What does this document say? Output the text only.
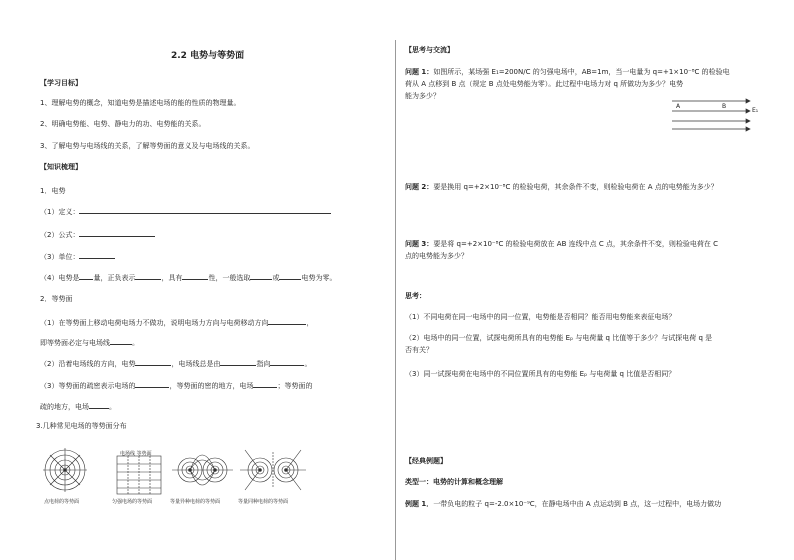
2.2 电势与等势面
【学习目标】
1、理解电势的概念，知道电势是描述电场的能的性质的物理量。
2、明确电势能、电势、静电力的功、电势能的关系。
3、了解电势与电场线的关系，了解等势面的意义及与电场线的关系。
【知识梳理】
1．电势
（1）定义：
（2）公式：
（3）单位：
（4）电势是 量，正负表示	，具有	性，一般选取	或	电势为零。
2．等势面
（1）在等势面上移动电荷电场力不做功，说明电场力方向与电荷移动方向	，
即等势面必定与电场线	。
（2）沿着电场线的方向，电势	，电场线总是由	指向	。
（3）等势面的疏密表示电场的	，等势面的密的地方，电场	；等势面的
疏的地方，电场	。
3.几种常见电场的等势面分布
电场线 等势面
点电荷的等势面	匀强电场的等势面	等量异种电荷的等势面	等量同种电荷的等势面
【思考与交流】
问题 1：如图所示，某场强 E₁=200N/C 的匀强电场中，AB=1m，当一电量为 q=+1×10⁻⁸C 的检验电
荷从 A 点移到 B 点（规定 B 点处电势能为零）。此过程中电场力对 q 所做功为多少？电势
能为多少？
A	B
E₁
问题 2：要是换用 q=+2×10⁻⁸C 的检验电荷，其余条件不变，则检验电荷在 A 点的电势能为多少？
问题 3：要是将 q=+2×10⁻⁸C 的检验电荷放在 AB 连线中点 C 点，其余条件不变，则检验电荷在 C
点的电势能为多少？
思考：
（1）不同电荷在同一电场中的同一位置，电势能是否相同？能否用电势能来表征电场？
（2）电场中的同一位置，试探电荷所具有的电势能 Eₚ 与电荷量 q 比值等于多少？与试探电荷 q 是
否有关？
（3）同一试探电荷在电场中的不同位置所具有的电势能 Eₚ 与电荷量 q 比值是否相同？
【经典例题】
类型一：电势的计算和概念理解
例题 1．一带负电的粒子 q=-2.0×10⁻⁹C，在静电场中由 A 点运动到 B 点，这一过程中，电场力做功
